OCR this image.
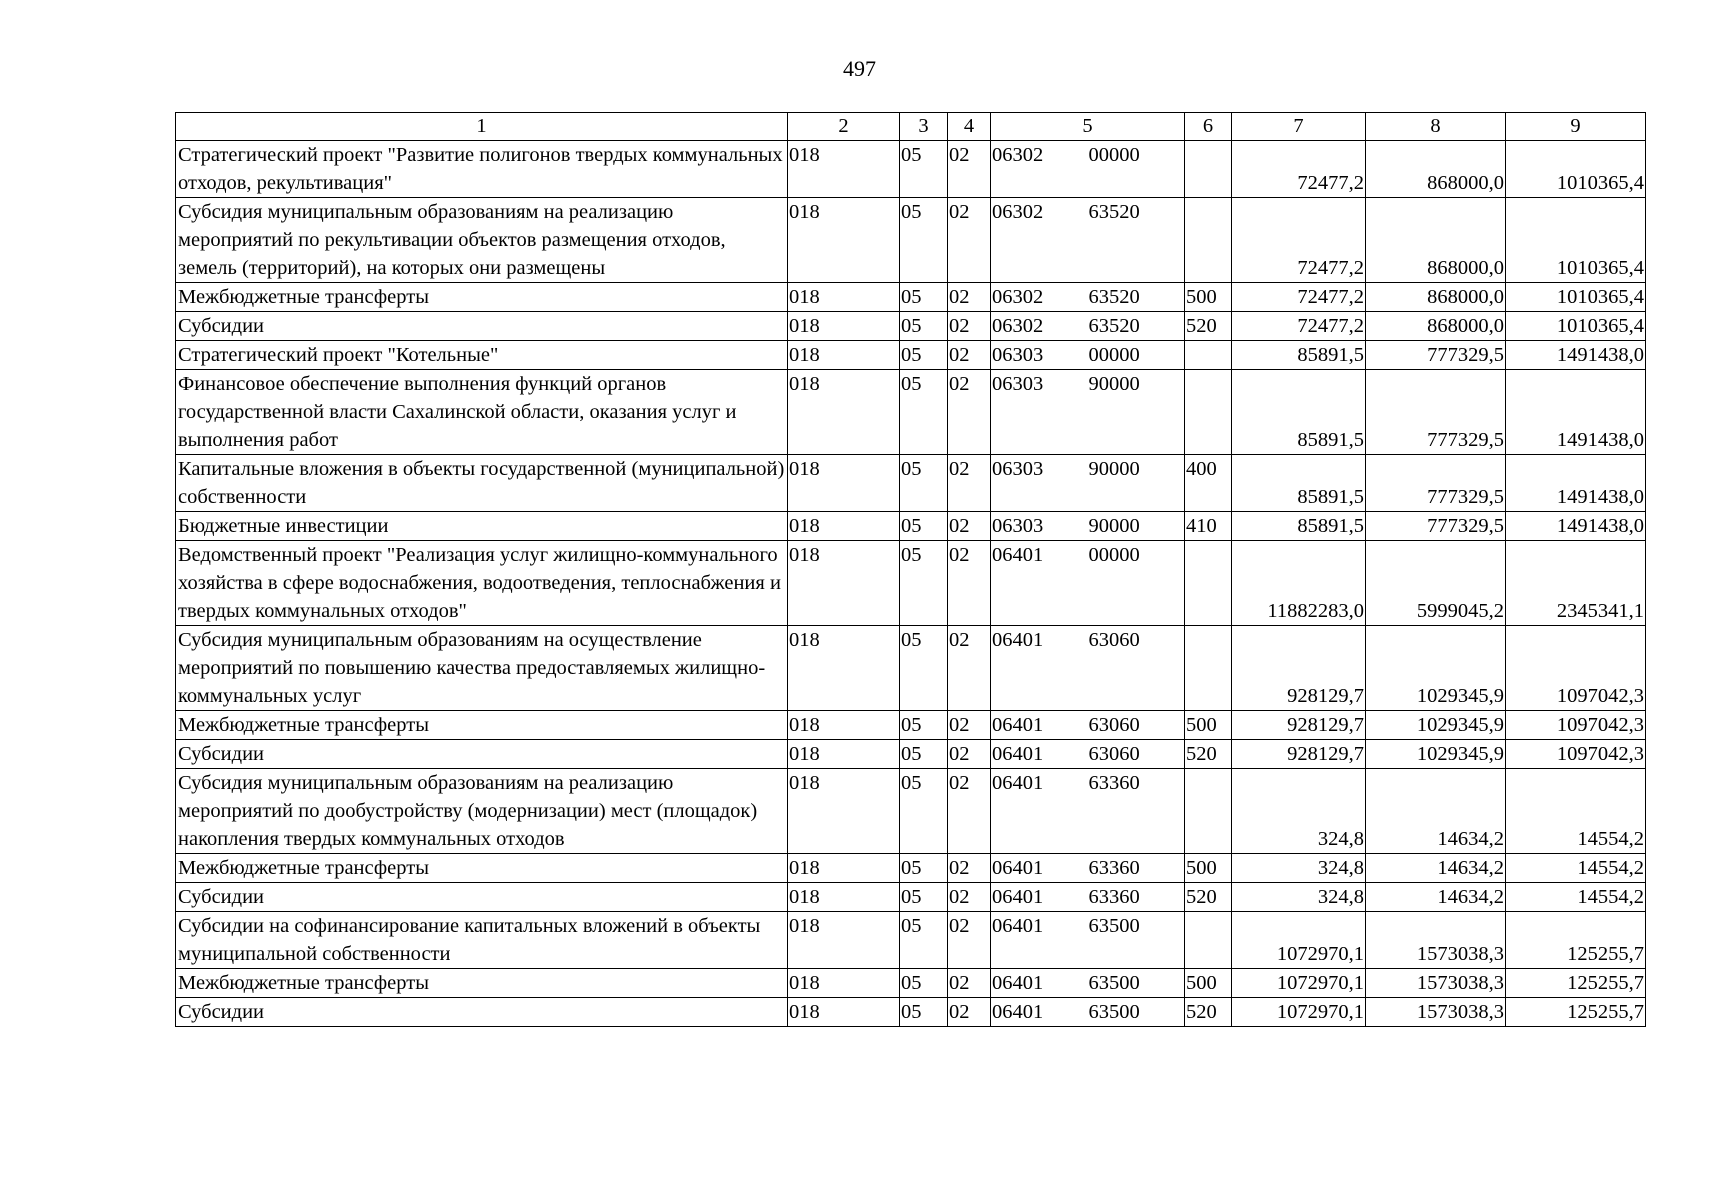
497
1	2	3	4	5		6	7	8	9
Стратегический проект "Развитие полигонов твердых коммунальных отходов, рекультивация"	018	05	02	06302	00000		72477,2	868000,0	1010365,4
Субсидия муниципальным образованиям на реализацию мероприятий по рекультивации объектов размещения отходов, земель (территорий), на которых они размещены	018	05	02	06302	63520		72477,2	868000,0	1010365,4
Межбюджетные трансферты	018	05	02	06302	63520	500	72477,2	868000,0	1010365,4
Субсидии	018	05	02	06302	63520	520	72477,2	868000,0	1010365,4
Стратегический проект "Котельные"	018	05	02	06303	00000		85891,5	777329,5	1491438,0
Финансовое обеспечение выполнения функций органов государственной власти Сахалинской области, оказания услуг и выполнения работ	018	05	02	06303	90000		85891,5	777329,5	1491438,0
Капитальные вложения в объекты государственной (муниципальной) собственности	018	05	02	06303	90000	400	85891,5	777329,5	1491438,0
Бюджетные инвестиции	018	05	02	06303	90000	410	85891,5	777329,5	1491438,0
Ведомственный проект "Реализация услуг жилищно-коммунального хозяйства в сфере водоснабжения, водоотведения, теплоснабжения и твердых коммунальных отходов"	018	05	02	06401	00000		11882283,0	5999045,2	2345341,1
Субсидия муниципальным образованиям на осуществление мероприятий по повышению качества предоставляемых жилищно-коммунальных услуг	018	05	02	06401	63060		928129,7	1029345,9	1097042,3
Межбюджетные трансферты	018	05	02	06401	63060	500	928129,7	1029345,9	1097042,3
Субсидии	018	05	02	06401	63060	520	928129,7	1029345,9	1097042,3
Субсидия муниципальным образованиям на реализацию мероприятий по дообустройству (модернизации) мест (площадок) накопления твердых коммунальных отходов	018	05	02	06401	63360		324,8	14634,2	14554,2
Межбюджетные трансферты	018	05	02	06401	63360	500	324,8	14634,2	14554,2
Субсидии	018	05	02	06401	63360	520	324,8	14634,2	14554,2
Субсидии на софинансирование капитальных вложений в объекты муниципальной собственности	018	05	02	06401	63500		1072970,1	1573038,3	125255,7
Межбюджетные трансферты	018	05	02	06401	63500	500	1072970,1	1573038,3	125255,7
Субсидии	018	05	02	06401	63500	520	1072970,1	1573038,3	125255,7
